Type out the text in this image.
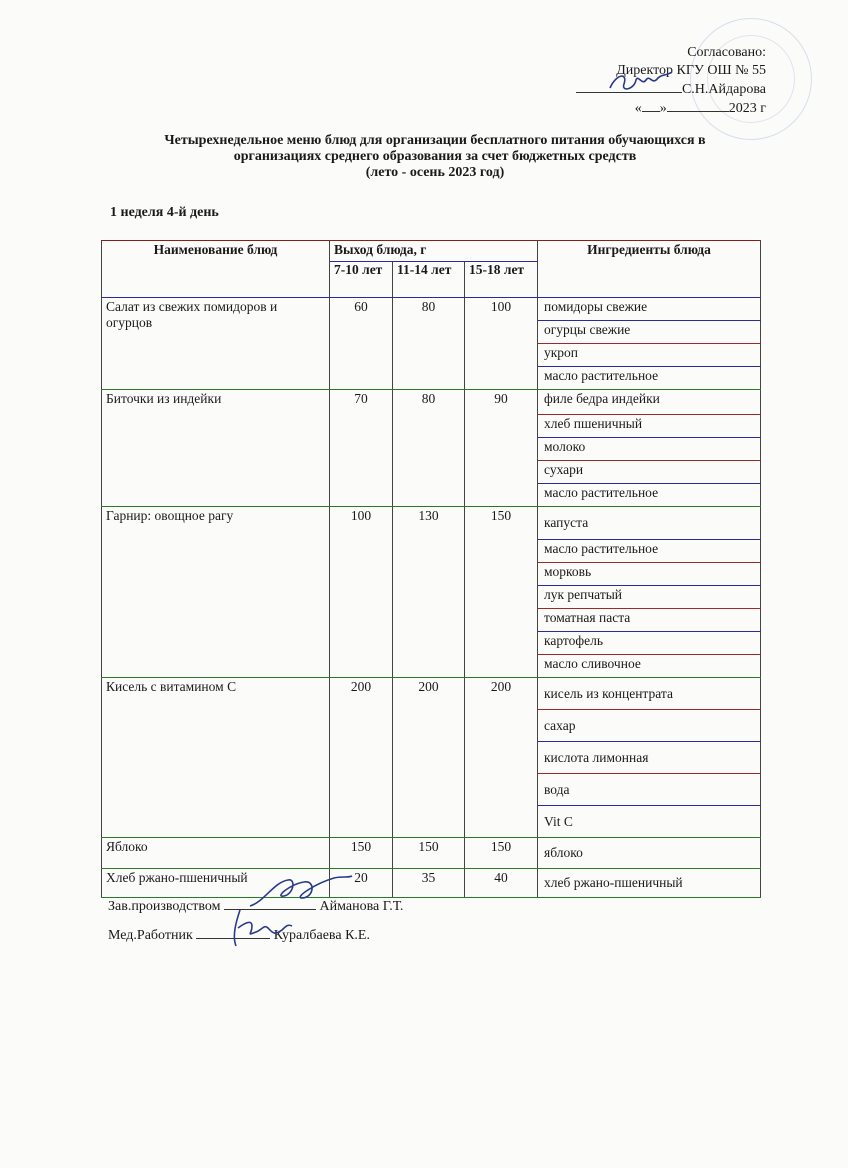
Согласовано:
Директор КГУ ОШ № 55
С.Н.Айдарова
« »	2023 г
Четырехнедельное меню блюд для организации бесплатного питания обучающихся в
организациях среднего образования за счет бюджетных средств
(лето - осень 2023 год)
1 неделя 4-й день
Наименование блюд	Выход блюда, г			Ингредиенты блюда
	7-10 лет	11-14 лет	15-18 лет	
Салат из свежих помидоров и огурцов	60	80	100	помидоры свежие
				огурцы свежие
				укроп
				масло растительное
Биточки из индейки	70	80	90	филе бедра индейки
				хлеб пшеничный
				молоко
				сухари
				масло растительное
Гарнир: овощное рагу	100	130	150	капуста
				масло растительное
				морковь
				лук репчатый
				томатная паста
				картофель
				масло сливочное
Кисель с витамином С	200	200	200	кисель из концентрата
				сахар
				кислота лимонная
				вода
				Vit C
Яблоко	150	150	150	яблоко
Хлеб ржано-пшеничный	20	35	40	хлеб ржано-пшеничный
Зав.производством	Айманова Г.Т.
Мед.Работник	Куралбаева К.Е.
